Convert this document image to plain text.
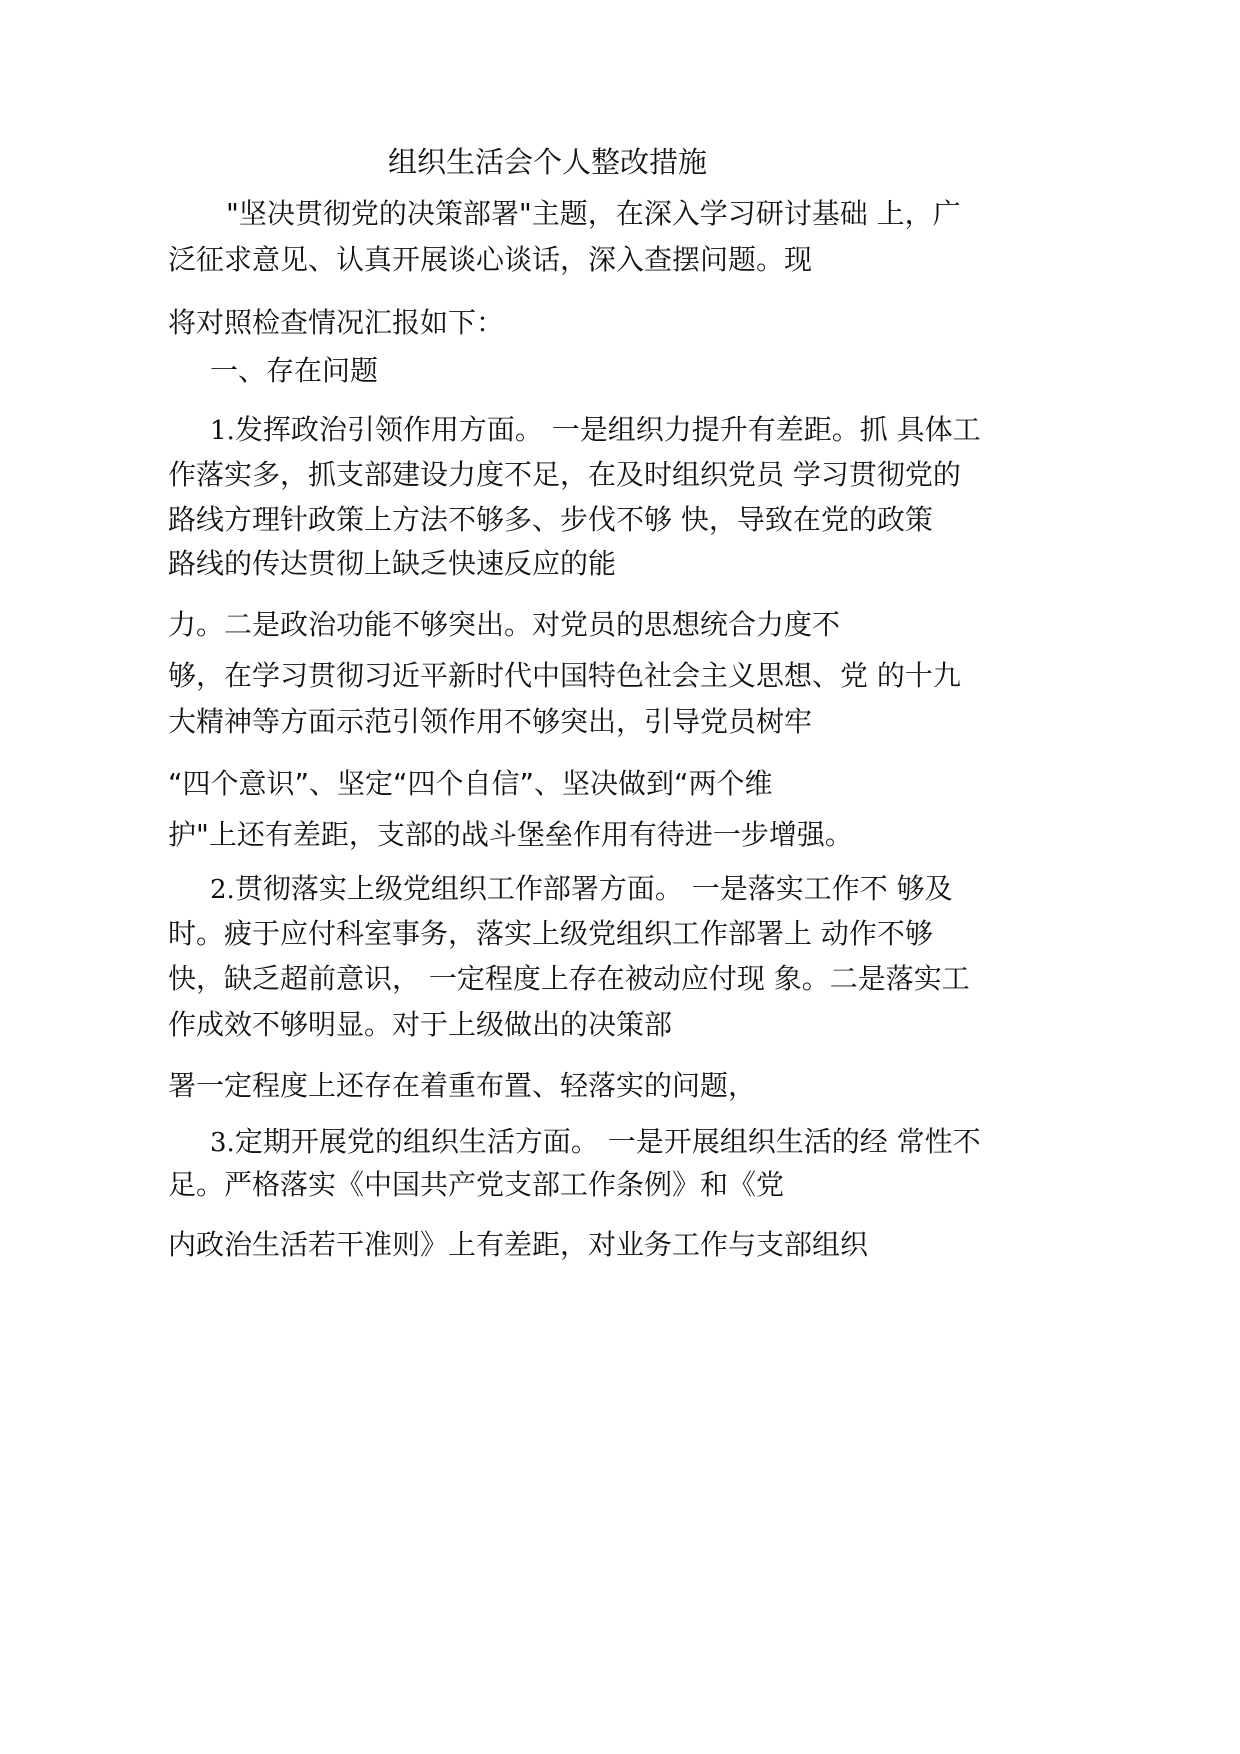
组织生活会个人整改措施
"坚决贯彻党的决策部署"主题，在深入学习研讨基础 上，广
泛征求意见、认真开展谈心谈话，深入查摆问题。现
将对照检查情况汇报如下：
一、存在问题
1.发挥政治引领作用方面。 一是组织力提升有差距。抓 具体工
作落实多，抓支部建设力度不足，在及时组织党员 学习贯彻党的
路线方理针政策上方法不够多、步伐不够 快，导致在党的政策
路线的传达贯彻上缺乏快速反应的能
力。二是政治功能不够突出。对党员的思想统合力度不
够，在学习贯彻习近平新时代中国特色社会主义思想、党 的十九
大精神等方面示范引领作用不够突出，引导党员树牢
“四个意识”、坚定“四个自信”、坚决做到“两个维
护"上还有差距，支部的战斗堡垒作用有待进一步增强。
2.贯彻落实上级党组织工作部署方面。 一是落实工作不 够及
时。疲于应付科室事务，落实上级党组织工作部署上 动作不够
快，缺乏超前意识， 一定程度上存在被动应付现 象。二是落实工
作成效不够明显。对于上级做出的决策部
署一定程度上还存在着重布置、轻落实的问题，
3.定期开展党的组织生活方面。 一是开展组织生活的经 常性不
足。严格落实《中国共产党支部工作条例》和《党
内政治生活若干准则》上有差距，对业务工作与支部组织
